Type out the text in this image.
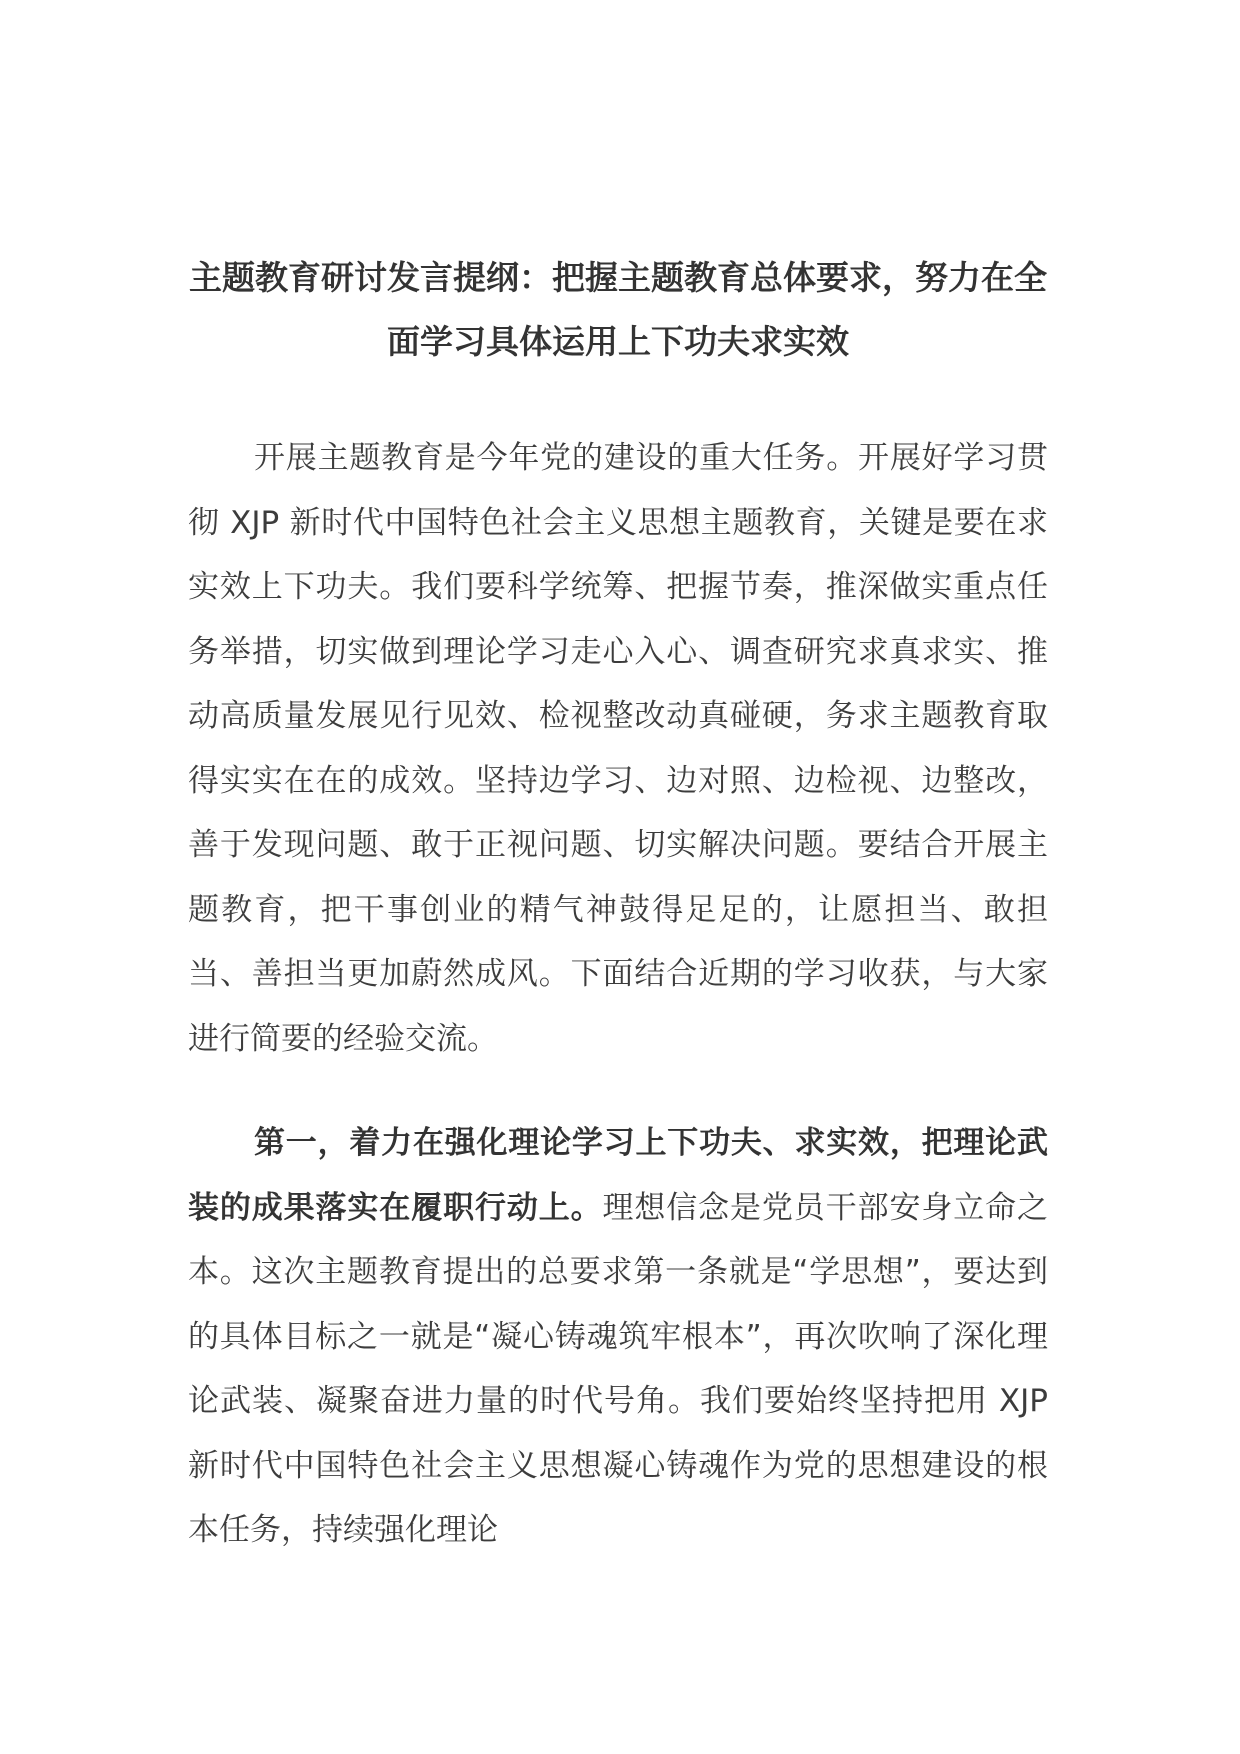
主题教育研讨发言提纲：把握主题教育总体要求，努力在全面学习具体运用上下功夫求实效

开展主题教育是今年党的建设的重大任务。开展好学习贯彻 XJP 新时代中国特色社会主义思想主题教育，关键是要在求实效上下功夫。我们要科学统筹、把握节奏，推深做实重点任务举措，切实做到理论学习走心入心、调查研究求真求实、推动高质量发展见行见效、检视整改动真碰硬，务求主题教育取得实实在在的成效。坚持边学习、边对照、边检视、边整改，善于发现问题、敢于正视问题、切实解决问题。要结合开展主题教育，把干事创业的精气神鼓得足足的，让愿担当、敢担当、善担当更加蔚然成风。下面结合近期的学习收获，与大家进行简要的经验交流。

第一，着力在强化理论学习上下功夫、求实效，把理论武装的成果落实在履职行动上。理想信念是党员干部安身立命之本。这次主题教育提出的总要求第一条就是“学思想”，要达到的具体目标之一就是“凝心铸魂筑牢根本”，再次吹响了深化理论武装、凝聚奋进力量的时代号角。我们要始终坚持把用 XJP 新时代中国特色社会主义思想凝心铸魂作为党的思想建设的根本任务，持续强化理论
